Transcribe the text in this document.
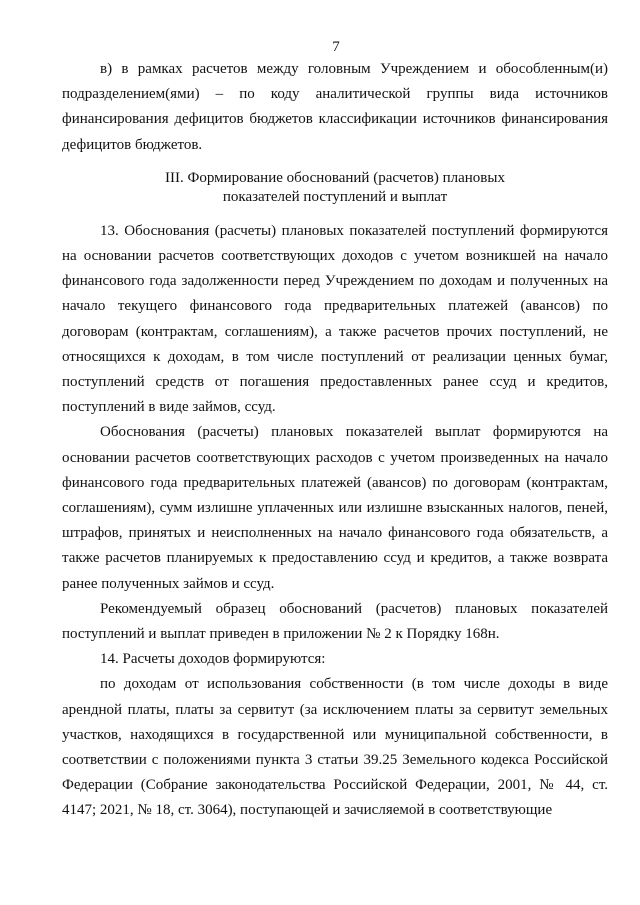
7

в) в рамках расчетов между головным Учреждением и обособленным(и) подразделением(ями) – по коду аналитической группы вида источников финансирования дефицитов бюджетов классификации источников финансирования дефицитов бюджетов.

III. Формирование обоснований (расчетов) плановых
показателей поступлений и выплат

13. Обоснования (расчеты) плановых показателей поступлений формируются на основании расчетов соответствующих доходов с учетом возникшей на начало финансового года задолженности перед Учреждением по доходам и полученных на начало текущего финансового года предварительных платежей (авансов) по договорам (контрактам, соглашениям), а также расчетов прочих поступлений, не относящихся к доходам, в том числе поступлений от реализации ценных бумаг, поступлений средств от погашения предоставленных ранее ссуд и кредитов, поступлений в виде займов, ссуд.

Обоснования (расчеты) плановых показателей выплат формируются на основании расчетов соответствующих расходов с учетом произведенных на начало финансового года предварительных платежей (авансов) по договорам (контрактам, соглашениям), сумм излишне уплаченных или излишне взысканных налогов, пеней, штрафов, принятых и неисполненных на начало финансового года обязательств, а также расчетов планируемых к предоставлению ссуд и кредитов, а также возврата ранее полученных займов и ссуд.

Рекомендуемый образец обоснований (расчетов) плановых показателей поступлений и выплат приведен в приложении № 2 к Порядку 168н.

14. Расчеты доходов формируются:

по доходам от использования собственности (в том числе доходы в виде арендной платы, платы за сервитут (за исключением платы за сервитут земельных участков, находящихся в государственной или муниципальной собственности, в соответствии с положениями пункта 3 статьи 39.25 Земельного кодекса Российской Федерации (Собрание законодательства Российской Федерации, 2001, № 44, ст. 4147; 2021, № 18, ст. 3064), поступающей и зачисляемой в соответствующие
